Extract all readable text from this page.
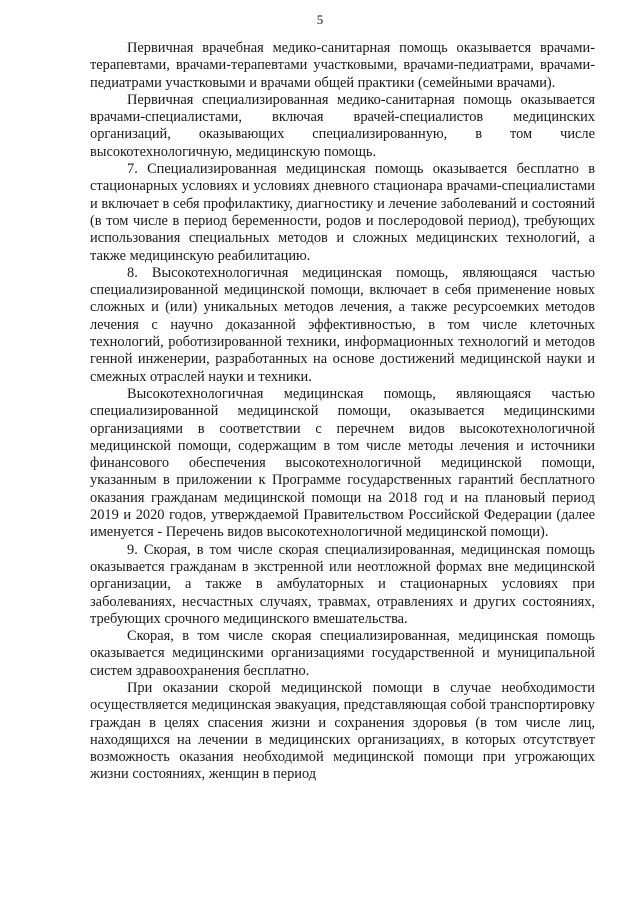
5

Первичная врачебная медико-санитарная помощь оказывается врачами-терапевтами, врачами-терапевтами участковыми, врачами-педиатрами, врачами-педиатрами участковыми и врачами общей практики (семейными врачами).

Первичная специализированная медико-санитарная помощь оказывается врачами-специалистами, включая врачей-специалистов медицинских организаций, оказывающих специализированную, в том числе высокотехнологичную, медицинскую помощь.

7. Специализированная медицинская помощь оказывается бесплатно в стационарных условиях и условиях дневного стационара врачами-специалистами и включает в себя профилактику, диагностику и лечение заболеваний и состояний (в том числе в период беременности, родов и послеродовой период), требующих использования специальных методов и сложных медицинских технологий, а также медицинскую реабилитацию.

8. Высокотехнологичная медицинская помощь, являющаяся частью специализированной медицинской помощи, включает в себя применение новых сложных и (или) уникальных методов лечения, а также ресурсоемких методов лечения с научно доказанной эффективностью, в том числе клеточных технологий, роботизированной техники, информационных технологий и методов генной инженерии, разработанных на основе достижений медицинской науки и смежных отраслей науки и техники.

Высокотехнологичная медицинская помощь, являющаяся частью специализированной медицинской помощи, оказывается медицинскими организациями в соответствии с перечнем видов высокотехнологичной медицинской помощи, содержащим в том числе методы лечения и источники финансового обеспечения высокотехнологичной медицинской помощи, указанным в приложении к Программе государственных гарантий бесплатного оказания гражданам медицинской помощи на 2018 год и на плановый период 2019 и 2020 годов, утверждаемой Правительством Российской Федерации (далее именуется - Перечень видов высокотехнологичной медицинской помощи).

9. Скорая, в том числе скорая специализированная, медицинская помощь оказывается гражданам в экстренной или неотложной формах вне медицинской организации, а также в амбулаторных и стационарных условиях при заболеваниях, несчастных случаях, травмах, отравлениях и других состояниях, требующих срочного медицинского вмешательства.

Скорая, в том числе скорая специализированная, медицинская помощь оказывается медицинскими организациями государственной и муниципальной систем здравоохранения бесплатно.

При оказании скорой медицинской помощи в случае необходимости осуществляется медицинская эвакуация, представляющая собой транспортировку граждан в целях спасения жизни и сохранения здоровья (в том числе лиц, находящихся на лечении в медицинских организациях, в которых отсутствует возможность оказания необходимой медицинской помощи при угрожающих жизни состояниях, женщин в период
